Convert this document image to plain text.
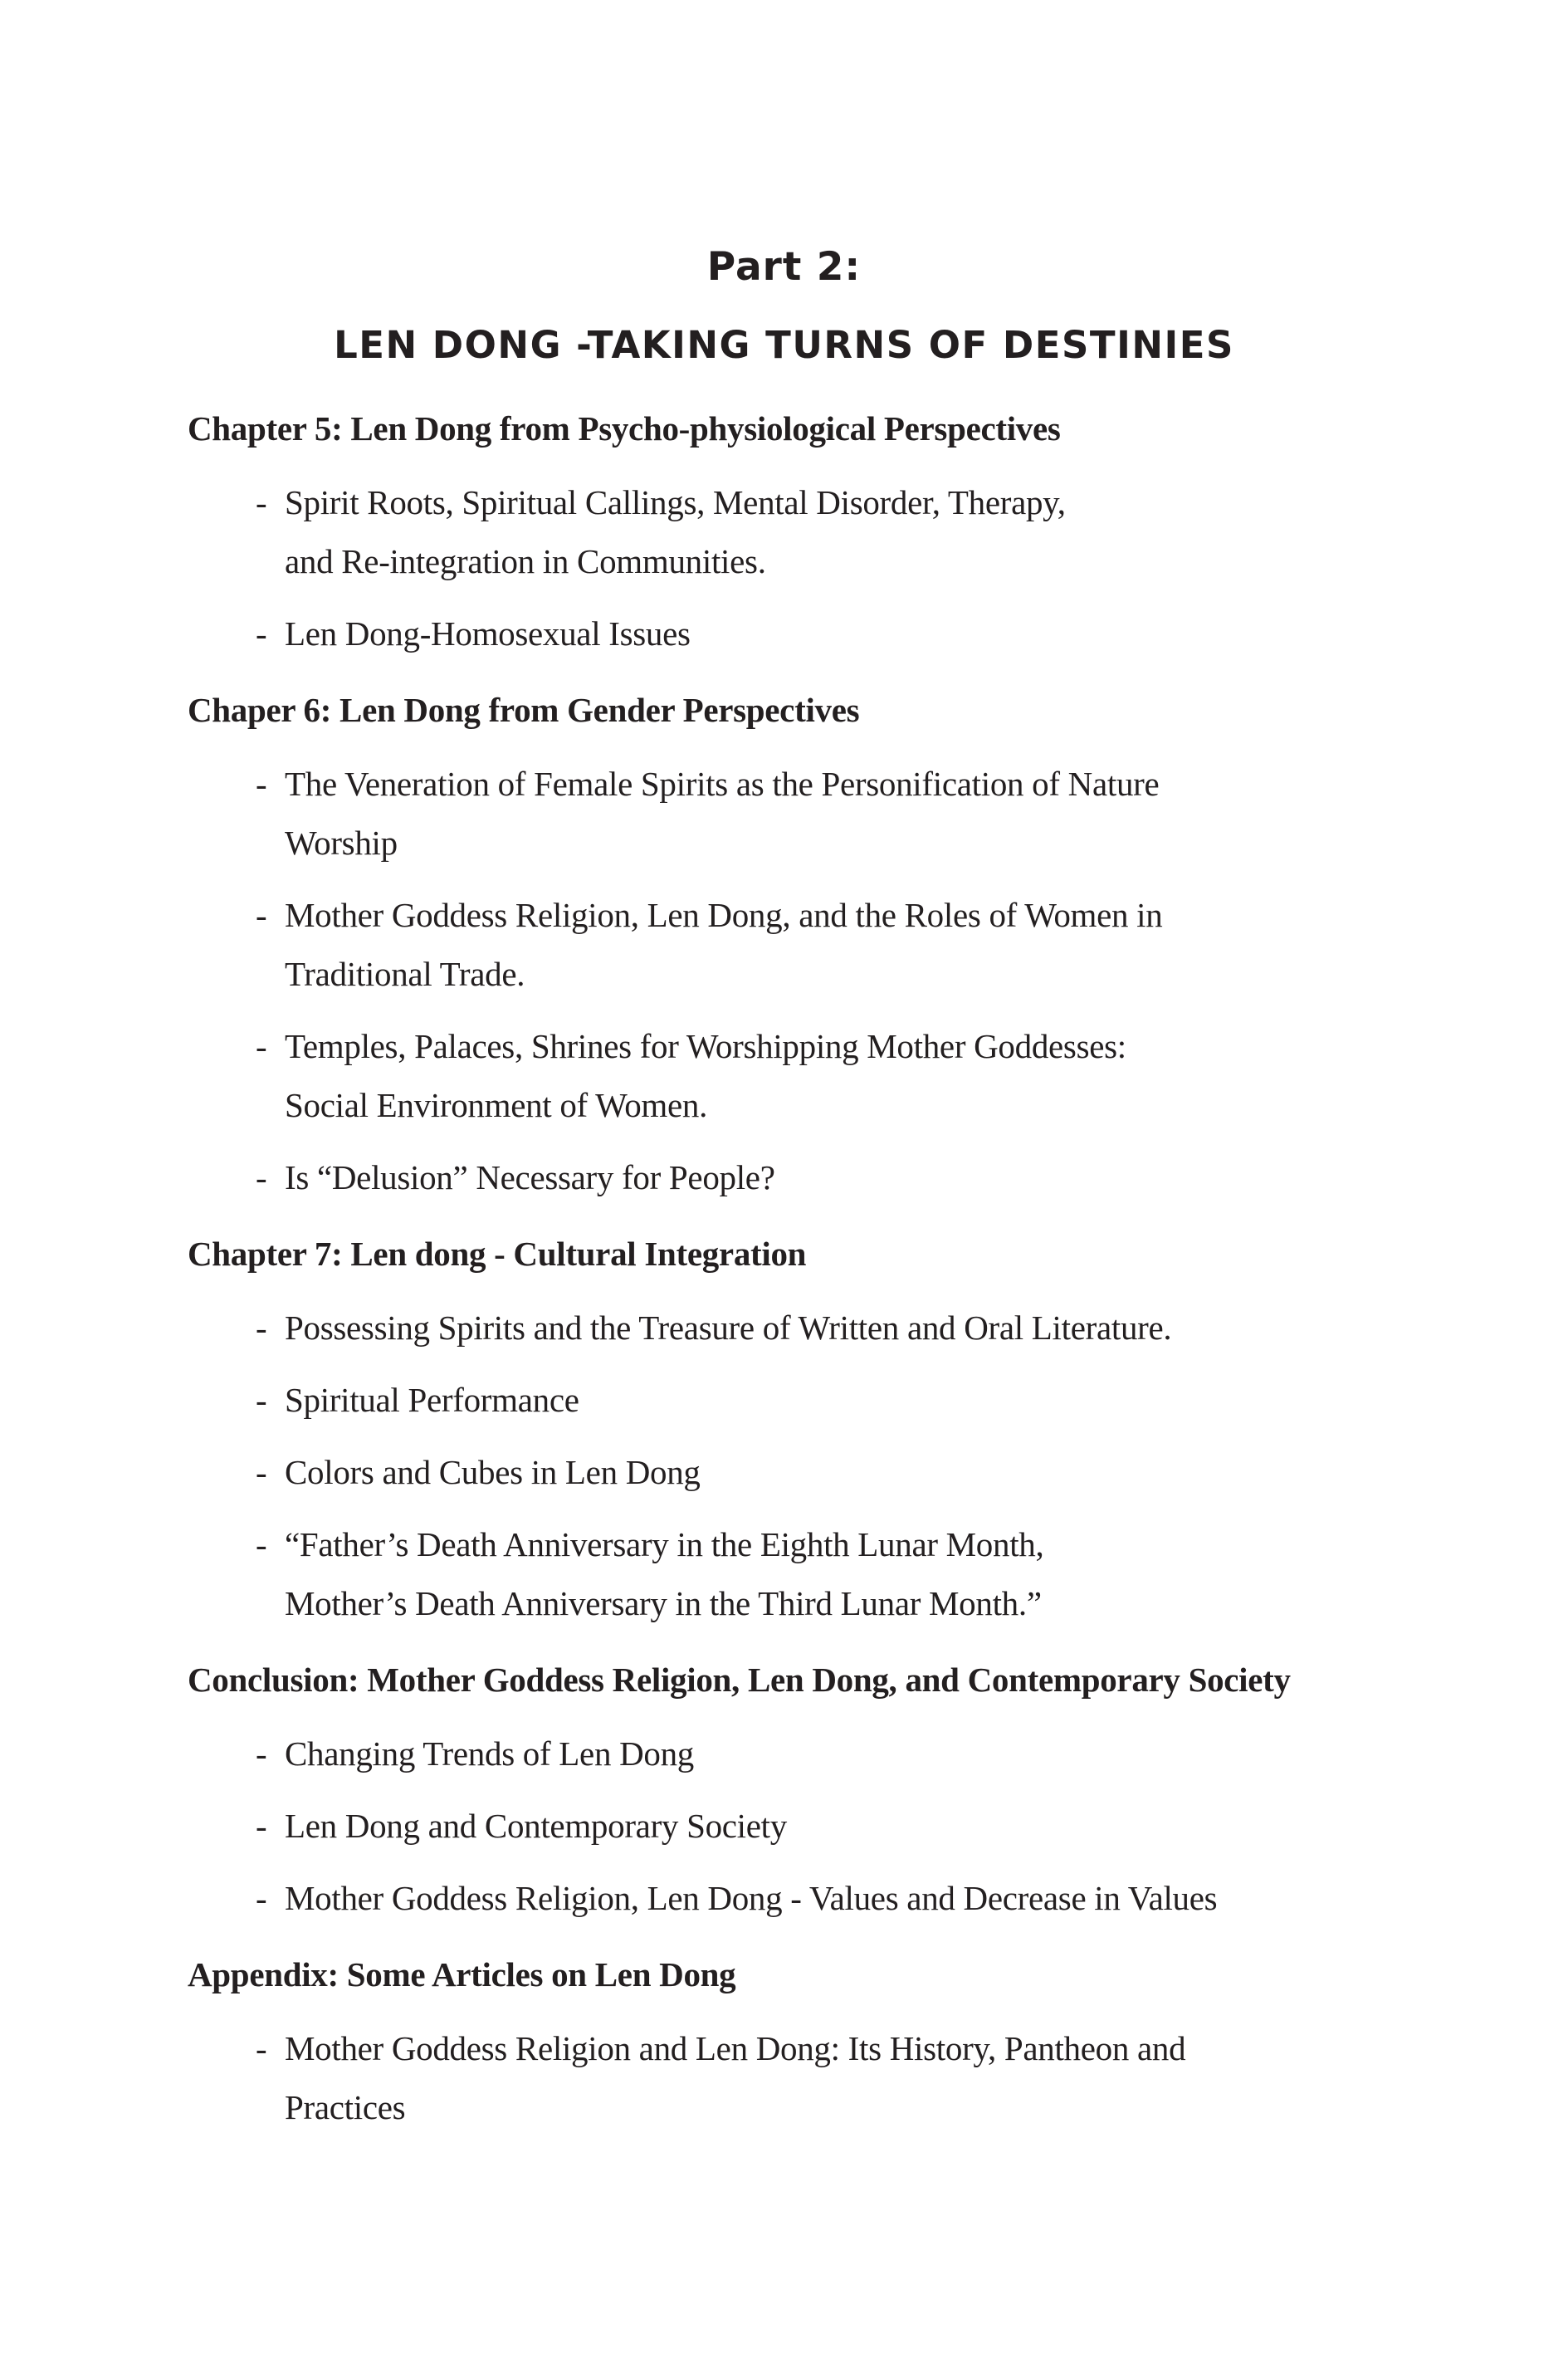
Part 2:
LEN DONG -TAKING TURNS OF DESTINIES

Chapter 5: Len Dong from Psycho-physiological Perspectives

- Spirit Roots, Spiritual Callings, Mental Disorder, Therapy,
and Re-integration in Communities.
- Len Dong-Homosexual Issues

Chaper 6: Len Dong from Gender Perspectives

- The Veneration of Female Spirits as the Personification of Nature
Worship
- Mother Goddess Religion, Len Dong, and the Roles of Women in
Traditional Trade.
- Temples, Palaces, Shrines for Worshipping Mother Goddesses:
Social Environment of Women.
- Is “Delusion” Necessary for People?

Chapter 7: Len dong - Cultural Integration

- Possessing Spirits and the Treasure of Written and Oral Literature.
- Spiritual Performance
- Colors and Cubes in Len Dong
- “Father’s Death Anniversary in the Eighth Lunar Month,
Mother’s Death Anniversary in the Third Lunar Month.”

Conclusion: Mother Goddess Religion, Len Dong, and Contemporary Society

- Changing Trends of Len Dong
- Len Dong and Contemporary Society
- Mother Goddess Religion, Len Dong - Values and Decrease in Values

Appendix: Some Articles on Len Dong

- Mother Goddess Religion and Len Dong: Its History, Pantheon and
Practices
